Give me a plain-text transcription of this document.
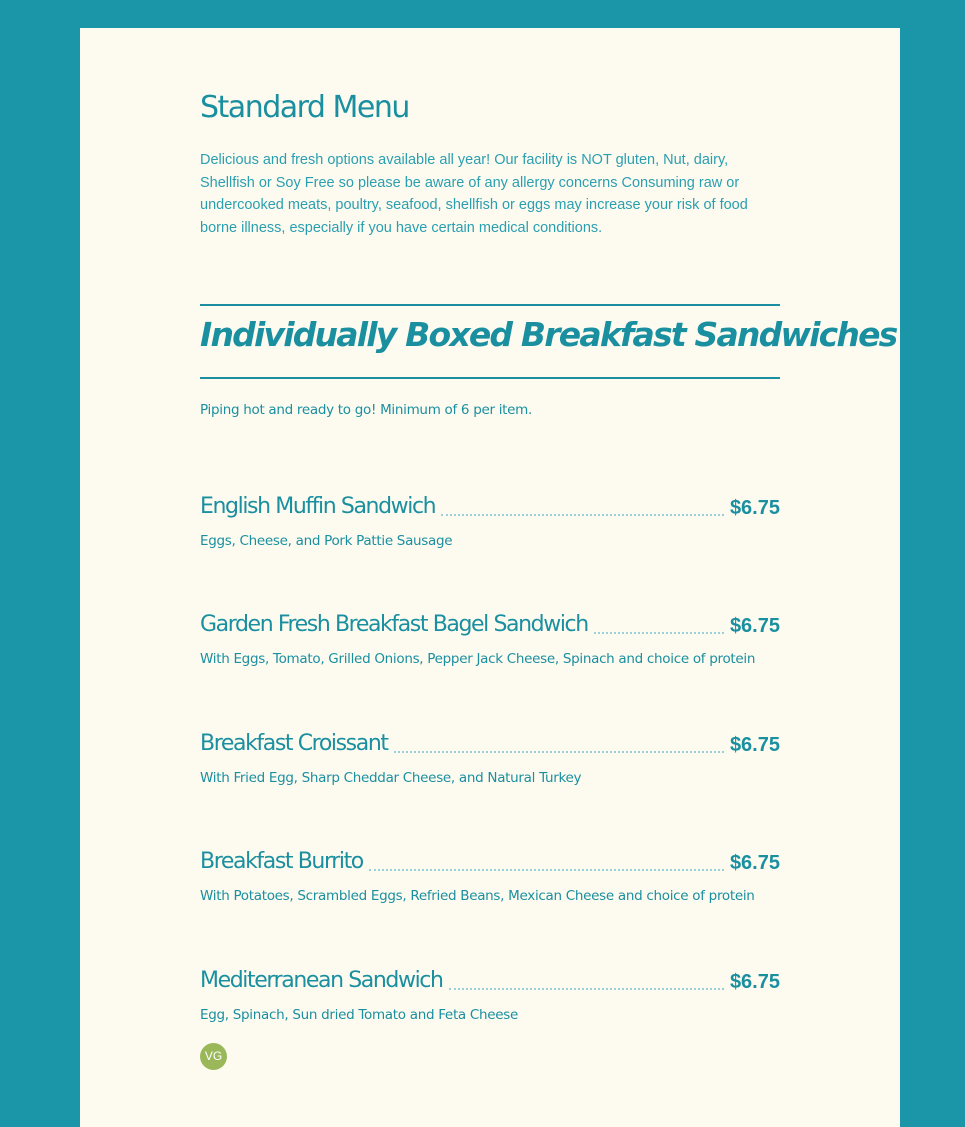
Standard Menu

Delicious and fresh options available all year! Our facility is NOT gluten, Nut, dairy, Shellfish or Soy Free so please be aware of any allergy concerns Consuming raw or undercooked meats, poultry, seafood, shellfish or eggs may increase your risk of food borne illness, especially if you have certain medical conditions.

Individually Boxed Breakfast Sandwiches

Piping hot and ready to go! Minimum of 6 per item.

English Muffin Sandwich	$6.75

Eggs, Cheese, and Pork Pattie Sausage

Garden Fresh Breakfast Bagel Sandwich	$6.75

With Eggs, Tomato, Grilled Onions, Pepper Jack Cheese, Spinach and choice of protein

Breakfast Croissant	$6.75

With Fried Egg, Sharp Cheddar Cheese, and Natural Turkey

Breakfast Burrito	$6.75

With Potatoes, Scrambled Eggs, Refried Beans, Mexican Cheese and choice of protein

Mediterranean Sandwich	$6.75

Egg, Spinach, Sun dried Tomato and Feta Cheese

VG
